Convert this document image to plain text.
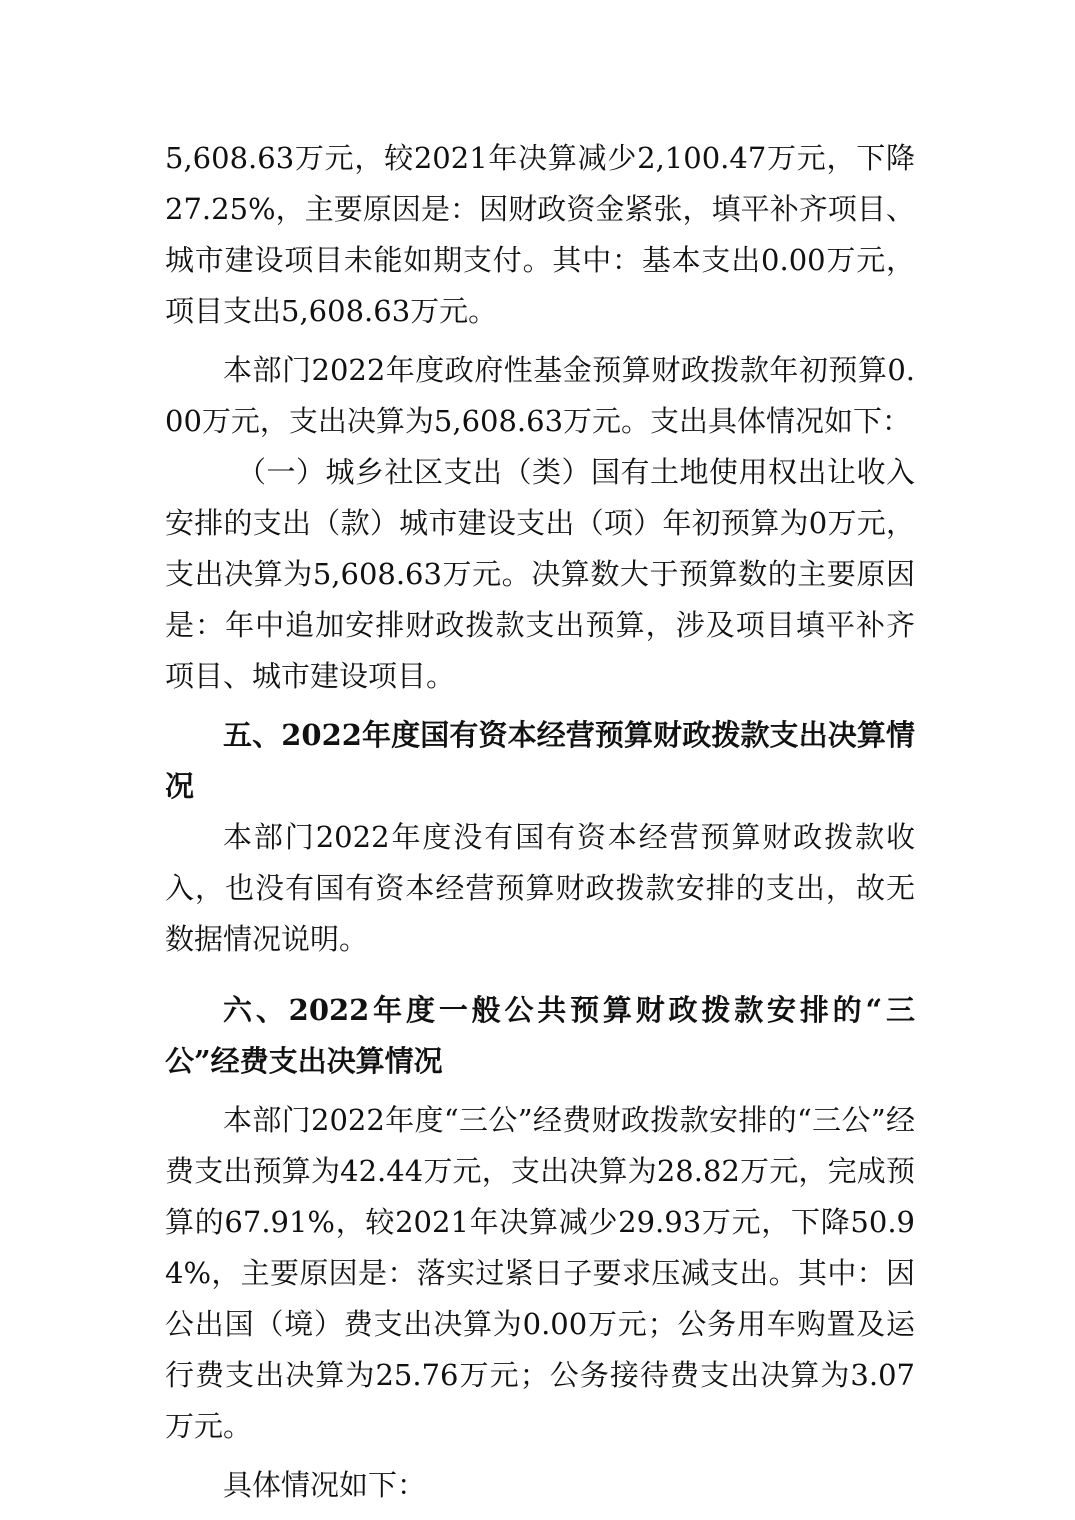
5,608.63万元，较2021年决算减少2,100.47万元，下降27.25%，主要原因是：因财政资金紧张，填平补齐项目、城市建设项目未能如期支付。其中：基本支出0.00万元，项目支出5,608.63万元。

本部门2022年度政府性基金预算财政拨款年初预算0.00万元，支出决算为5,608.63万元。支出具体情况如下：

（一）城乡社区支出（类）国有土地使用权出让收入安排的支出（款）城市建设支出（项）年初预算为0万元，支出决算为5,608.63万元。决算数大于预算数的主要原因是：年中追加安排财政拨款支出预算，涉及项目填平补齐项目、城市建设项目。

五、2022年度国有资本经营预算财政拨款支出决算情况

本部门2022年度没有国有资本经营预算财政拨款收入，也没有国有资本经营预算财政拨款安排的支出，故无数据情况说明。

六、2022年度一般公共预算财政拨款安排的“三公”经费支出决算情况

本部门2022年度“三公”经费财政拨款安排的“三公”经费支出预算为42.44万元，支出决算为28.82万元，完成预算的67.91%，较2021年决算减少29.93万元，下降50.94%，主要原因是：落实过紧日子要求压减支出。其中：因公出国（境）费支出决算为0.00万元；公务用车购置及运行费支出决算为25.76万元；公务接待费支出决算为3.07万元。

具体情况如下：
